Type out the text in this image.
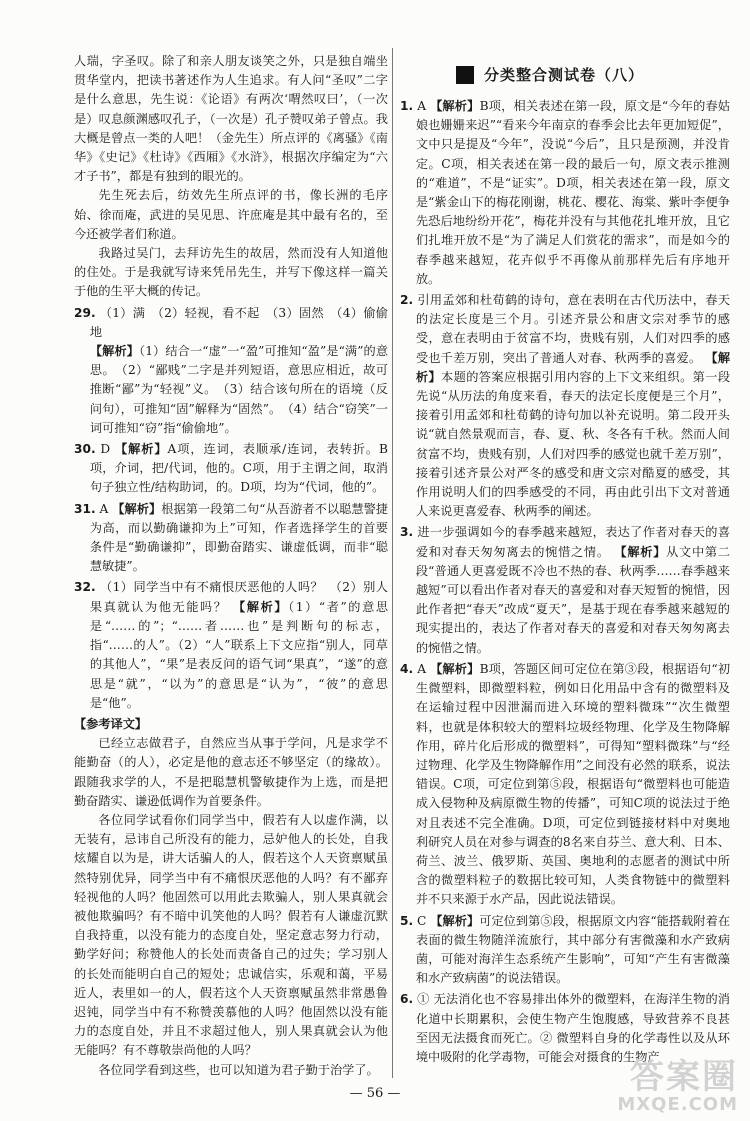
人瑞，字圣叹。除了和亲人朋友谈笑之外，只是独自端坐贯华堂内，把读书著述作为人生追求。有人问“圣叹”二字是什么意思，先生说：《论语》有两次‘喟然叹曰’，（一次是）叹息颜渊感叹孔子，（一次是）孔子赞叹弟子曾点。我大概是曾点一类的人吧！（金先生）所点评的《离骚》《南华》《史记》《杜诗》《西厢》《水浒》，根据次序编定为“六才子书”，都是有独到的眼光的。

先生死去后，纺效先生所点评的书，像长洲的毛序始、徐而庵，武进的吴见思、许庶庵是其中最有名的，至今还被学者们称道。

我路过吴门，去拜访先生的故居，然而没有人知道他的住处。于是我就写诗来凭吊先生，并写下像这样一篇关于他的生平大概的传记。

29. （1）满　（2）轻视，看不起　（3）固然　（4）偷偷地
【解析】（1）结合一“虚”一“盈”可推知“盈”是“满”的意思。　（2）“鄙贱”二字是并列短语，意思应相近，故可推断“鄙”为“轻视”义。　（3）结合该句所在的语境（反问句），可推知“固”解释为“固然”。　（4）结合“窃笑”一词可推知“窃”指“偷偷地”。

30. D 【解析】A项，连词，表顺承/连词，表转折。B项，介词，把/代词，他的。C项，用于主谓之间，取消句子独立性/结构助词，的。D项，均为“代词，他的”。

31. A 【解析】根据第一段第二句“从吾游者不以聪慧警捷为高，而以勤确谦抑为上”可知，作者选择学生的首要条件是“勤确谦抑”，即勤奋踏实、谦虚低调，而非“聪慧敏捷”。

32. （1）同学当中有不痛恨厌恶他的人吗？　（2）别人果真就认为他无能吗？ 【解析】（1）“者”的意思是“……的”；“……者……也”是判断句的标志，指“……的人”。（2）“人”联系上下文应指“别人，同草的其他人”，“果”是表反问的语气词“果真”，“遂”的意思是“就”，“以为”的意思是“认为”，“彼”的意思是“他”。

【参考译文】

已经立志做君子，自然应当从事于学问，凡是求学不能勤奋（的人），必定是他的意志还不够坚定（的缘故）。跟随我求学的人，不是把聪慧机警敏捷作为上选，而是把勤奋踏实、谦逊低调作为首要条件。

各位同学试看你们同学当中，假若有人以虚作满，以无装有，忌讳自己所没有的能力，忌妒他人的长处，自我炫耀自以为是，讲大话骗人的人，假若这个人天资禀赋虽然特别优异，同学当中有不痛恨厌恶他的人吗？有不鄙弃轻视他的人吗？他固然可以用此去欺骗人，别人果真就会被他欺骗吗？有不暗中讥笑他的人吗？假若有人谦虚沉默自我持重，以没有能力的态度自处，坚定意志努力行动，勤学好问；称赞他人的长处而责备自己的过失；学习别人的长处而能明白自己的短处；忠诚信实，乐观和蔼，平易近人，表里如一的人，假若这个人天资禀赋虽然非常愚鲁迟钝，同学当中有不称赞羡慕他的人吗？他固然以没有能力的态度自处，并且不求超过他人，别人果真就会认为他无能吗？有不尊敬崇尚他的人吗？

各位同学看到这些，也可以知道为君子勤于治学了。

分类整合测试卷（八）

1. A 【解析】B项，相关表述在第一段，原文是“今年的春姑娘也姗姗来迟”“看来今年南京的春季会比去年更加短促”，文中只是提及“今年”，没说“今后”，且只是预测，并没肯定。C项，相关表述在第一段的最后一句，原文表示推测的“难道”，不是“证实”。D项，相关表述在第一段，原文是“紫金山下的梅花刚谢，桃花、樱花、海棠、紫叶李便争先恐后地纷纷开花”，梅花并没有与其他花扎堆开放，且它们扎堆开放不是“为了满足人们赏花的需求”，而是如今的春季越来越短，花卉似乎不再像从前那样先后有序地开放。

2. 引用孟郊和杜荀鹤的诗句，意在表明在古代历法中，春天的法定长度是三个月。引述齐景公和唐文宗对季节的感受，意在表明由于贫富不均，贵贱有别，人们对四季的感受也千差万别，突出了普通人对春、秋两季的喜爱。 【解析】本题的答案应根据引用内容的上下文来组织。第一段先说“从历法的角度来看，春天的法定长度便是三个月”，接着引用孟郊和杜荀鹤的诗句加以补充说明。第二段开头说“就自然景观而言，春、夏、秋、冬各有千秋。然而人间贫富不均，贵贱有别，人们对四季的感觉也就千差万别”，接着引述齐景公对严冬的感受和唐文宗对酷夏的感受，其作用说明人们的四季感受的不同，再由此引出下文对普通人来说更喜爱春、秋两季的阐述。

3. 进一步强调如今的春季越来越短，表达了作者对春天的喜爱和对春天匆匆离去的惋惜之情。 【解析】从文中第二段“普通人更喜爱既不冷也不热的春、秋两季……春季越来越短”可以看出作者对春天的喜爱和对春天短暂的惋惜，因此作者把“春天”改成“夏天”，是基于现在春季越来越短的现实提出的，表达了作者对春天的喜爱和对春天匆匆离去的惋惜之情。

4. A 【解析】B项，答题区间可定位在第③段，根据语句“初生微塑料，即微塑料粒，例如日化用品中含有的微塑料及在运输过程中因泄漏而进入环境的塑料微珠”“次生微塑料，也就是体积较大的塑料垃圾经物理、化学及生物降解作用，碎片化后形成的微塑料”，可得知“塑料微珠”与“经过物理、化学及生物降解作用”之间没有必然的联系，说法错误。C项，可定位到第⑤段，根据语句“微塑料也可能造成入侵物种及病原微生物的传播”，可知C项的说法过于绝对且表述不完全准确。D项，可定位到链接材料中对奥地利研究人员在对参与调查的8名来自芬兰、意大利、日本、荷兰、波兰、俄罗斯、英国、奥地利的志愿者的测试中所含的微塑料粒子的数据比较可知，人类食物链中的微塑料并不只来源于水产品，因此说法错误。

5. C 【解析】可定位到第⑤段，根据原文内容“能搭载附着在表面的微生物随洋流旅行，其中部分有害微藻和水产致病菌，可能对海洋生态系统产生影响”，可知“产生有害微藻和水产致病菌”的说法错误。

6. ① 无法消化也不容易排出体外的微塑料，在海洋生物的消化道中长期累积，会使生物产生饱腹感，导致营养不良甚至因无法摄食而死亡。② 微塑料自身的化学毒性以及从环境中吸附的化学毒物，可能会对摄食的生物产

— 56 —	答案圈
MXQE.COM
